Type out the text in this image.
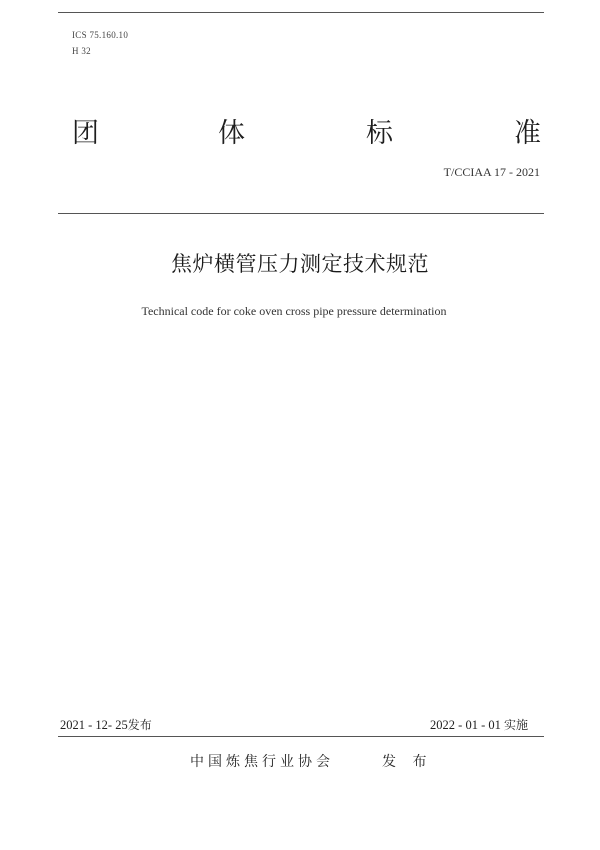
ICS 75.160.10
H 32
团	体	标	准
T/CCIAA 17 - 2021
焦炉横管压力测定技术规范
Technical code for coke oven cross pipe pressure determination
2021 - 12- 25发布	2022 - 01 - 01 实施
中国炼焦行业协会	发 布
